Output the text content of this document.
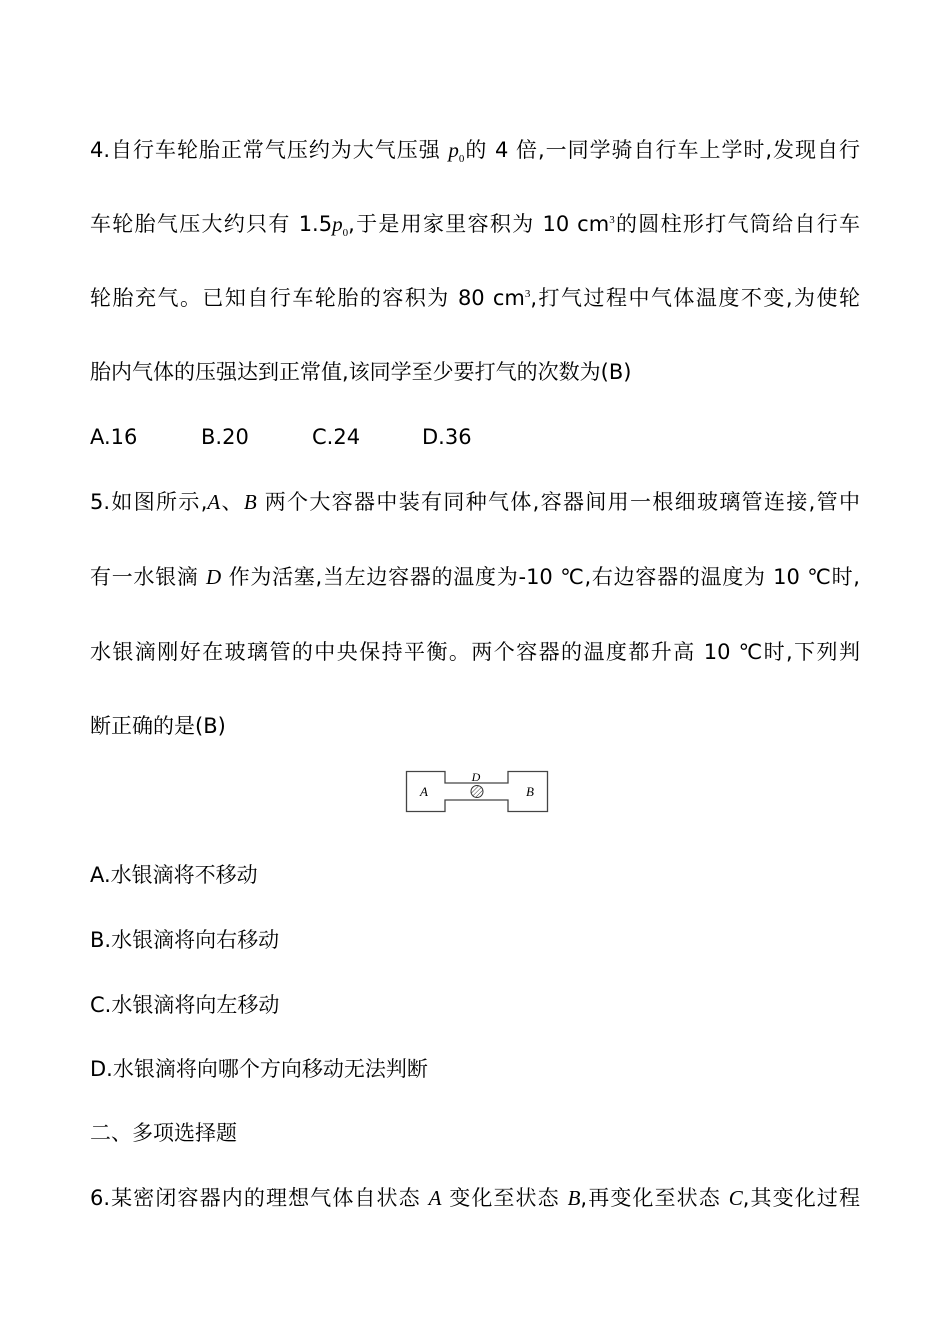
4.自行车轮胎正常气压约为大气压强 $p_0$的 4 倍,一同学骑自行车上学时,发现自行
车轮胎气压大约只有 $1.5p_0$,于是用家里容积为 10 $cm^3$的圆柱形打气筒给自行车
轮胎充气。已知自行车轮胎的容积为 80 $cm^3$,打气过程中气体温度不变,为使轮
胎内气体的压强达到正常值,该同学至少要打气的次数为(B)
A.16	B.20	C.24	D.36
5.如图所示,A、B 两个大容器中装有同种气体,容器间用一根细玻璃管连接,管中
有一水银滴 D 作为活塞,当左边容器的温度为-10 ℃,右边容器的温度为 10 ℃时,
水银滴刚好在玻璃管的中央保持平衡。两个容器的温度都升高 10 ℃时,下列判
断正确的是(B)
A	B
D
A.水银滴将不移动
B.水银滴将向右移动
C.水银滴将向左移动
D.水银滴将向哪个方向移动无法判断
二、多项选择题
6.某密闭容器内的理想气体自状态 A 变化至状态 B,再变化至状态 C,其变化过程
